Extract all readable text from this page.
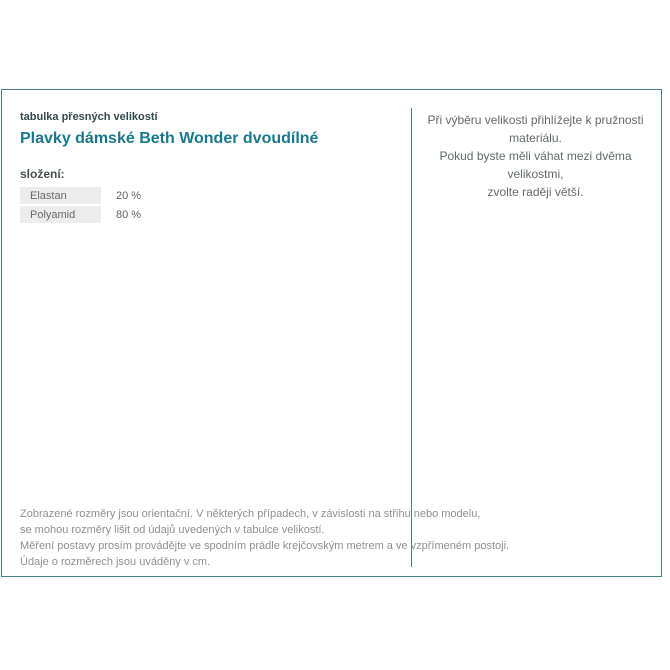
tabulka přesných velikostí
Plavky dámské Beth Wonder dvoudílné
složení:
Elastan	20 %
Polyamid	80 %
Při výběru velikosti přihlížejte k pružnosti materiálu.
Pokud byste měli váhat mezi dvěma velikostmi,
zvolte raději větší.
Zobrazené rozměry jsou orientační. V některých případech, v závislosti na střihu nebo modelu,
se mohou rozměry lišit od údajů uvedených v tabulce velikostí.
Měření postavy prosím provádějte ve spodním prádle krejčovským metrem a ve vzpřímeném postoji.
Údaje o rozměrech jsou uváděny v cm.
